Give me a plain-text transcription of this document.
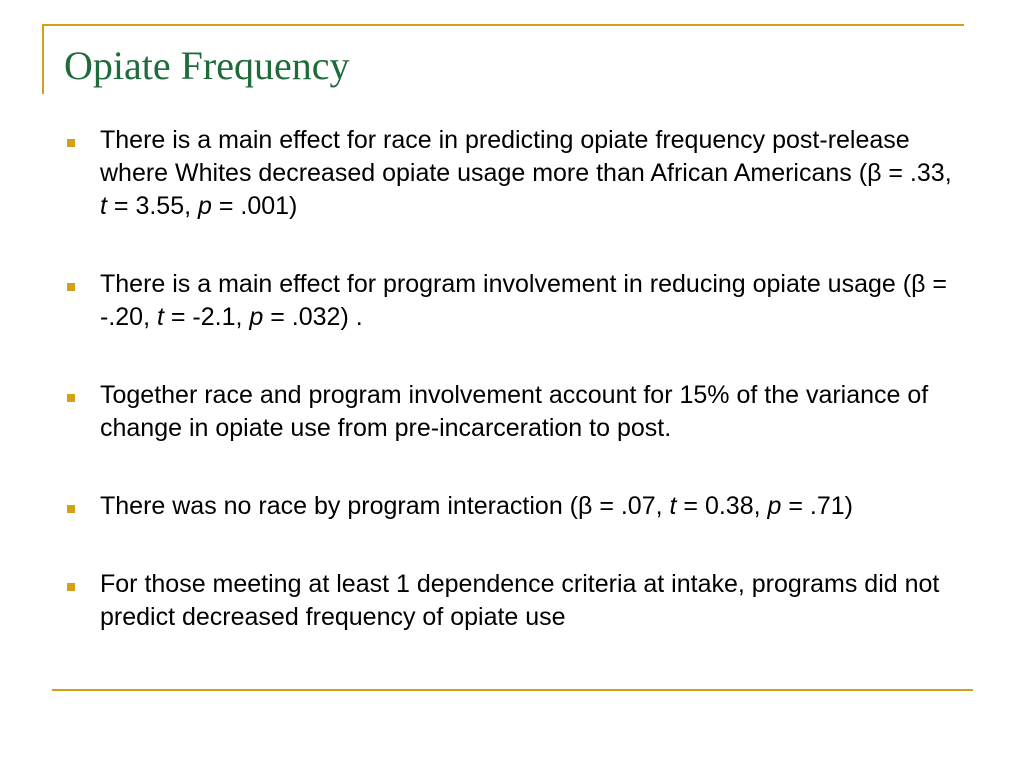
Opiate Frequency
There is a main effect for race in predicting opiate frequency post-release where Whites decreased opiate usage more than African Americans (β = .33, t = 3.55, p = .001)
There is a main effect for program involvement in reducing opiate usage (β = -.20, t = -2.1, p = .032) .
Together race and program involvement account for 15% of the variance of change in opiate use from pre-incarceration to post.
There was no race by program interaction (β = .07, t = 0.38, p = .71)
For those meeting at least 1 dependence criteria at intake, programs did not predict decreased frequency of opiate use
